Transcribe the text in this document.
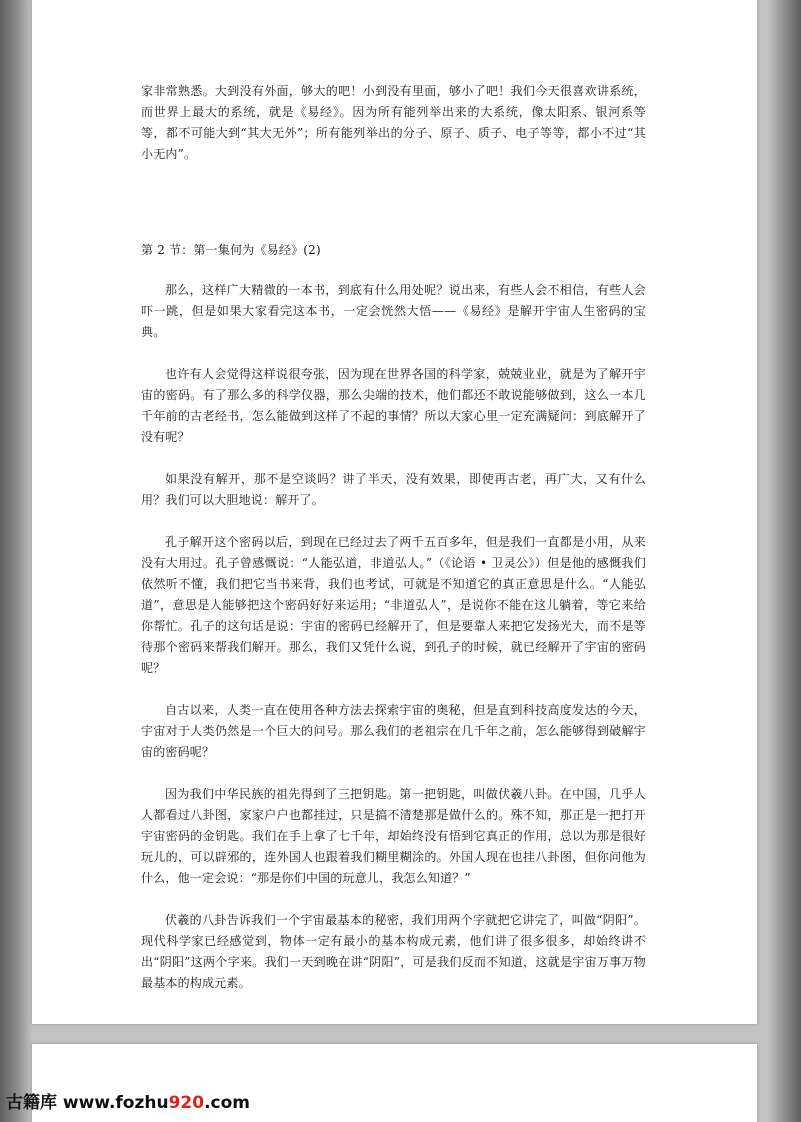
家非常熟悉。大到没有外面，够大的吧！小到没有里面，够小了吧！我们今天很喜欢讲系统，而世界上最大的系统，就是《易经》。因为所有能列举出来的大系统，像太阳系、银河系等等，都不可能大到“其大无外”；所有能列举出的分子、原子、质子、电子等等，都小不过“其小无内”。

第 2 节：第一集何为《易经》(2)

那么，这样广大精微的一本书，到底有什么用处呢？说出来，有些人会不相信，有些人会吓一跳，但是如果大家看完这本书，一定会恍然大悟——《易经》是解开宇宙人生密码的宝典。

也许有人会觉得这样说很夸张，因为现在世界各国的科学家，兢兢业业，就是为了解开宇宙的密码。有了那么多的科学仪器，那么尖端的技术，他们都还不敢说能够做到，这么一本几千年前的古老经书，怎么能做到这样了不起的事情？所以大家心里一定充满疑问：到底解开了没有呢？

如果没有解开，那不是空谈吗？讲了半天，没有效果，即使再古老，再广大，又有什么用？我们可以大胆地说：解开了。

孔子解开这个密码以后，到现在已经过去了两千五百多年，但是我们一直都是小用，从来没有大用过。孔子曾感慨说：“人能弘道，非道弘人。”（《论语 • 卫灵公》）但是他的感慨我们依然听不懂，我们把它当书来背，我们也考试，可就是不知道它的真正意思是什么。“人能弘道”，意思是人能够把这个密码好好来运用；“非道弘人”，是说你不能在这儿躺着，等它来给你帮忙。孔子的这句话是说：宇宙的密码已经解开了，但是要靠人来把它发扬光大，而不是等待那个密码来帮我们解开。那么，我们又凭什么说，到孔子的时候，就已经解开了宇宙的密码呢？

自古以来，人类一直在使用各种方法去探索宇宙的奥秘，但是直到科技高度发达的今天，宇宙对于人类仍然是一个巨大的问号。那么我们的老祖宗在几千年之前，怎么能够得到破解宇宙的密码呢？

因为我们中华民族的祖先得到了三把钥匙。第一把钥匙，叫做伏羲八卦。在中国，几乎人人都看过八卦图，家家户户也都挂过，只是搞不清楚那是做什么的。殊不知，那正是一把打开宇宙密码的金钥匙。我们在手上拿了七千年，却始终没有悟到它真正的作用，总以为那是很好玩儿的，可以辟邪的，连外国人也跟着我们糊里糊涂的。外国人现在也挂八卦图，但你问他为什么，他一定会说：“那是你们中国的玩意儿，我怎么知道？”

伏羲的八卦告诉我们一个宇宙最基本的秘密，我们用两个字就把它讲完了，叫做“阴阳”。现代科学家已经感觉到，物体一定有最小的基本构成元素，他们讲了很多很多，却始终讲不出“阴阳”这两个字来。我们一天到晚在讲“阴阳”，可是我们反而不知道，这就是宇宙万事万物最基本的构成元素。

古籍库 www.fozhu920.com
